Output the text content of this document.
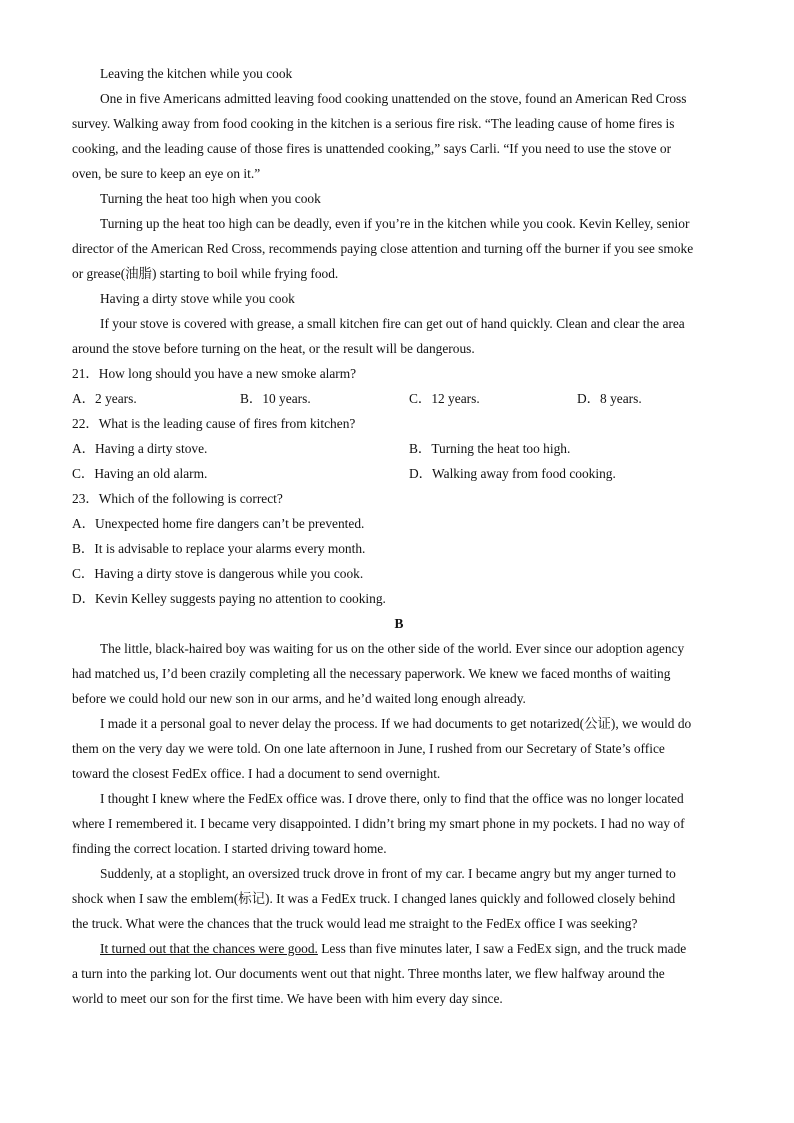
Leaving the kitchen while you cook
One in five Americans admitted leaving food cooking unattended on the stove, found an American Red Cross
survey. Walking away from food cooking in the kitchen is a serious fire risk. “The leading cause of home fires is
cooking, and the leading cause of those fires is unattended cooking,” says Carli. “If you need to use the stove or
oven, be sure to keep an eye on it.”
Turning the heat too high when you cook
Turning up the heat too high can be deadly, even if you’re in the kitchen while you cook. Kevin Kelley, senior
director of the American Red Cross, recommends paying close attention and turning off the burner if you see smoke
or grease(油脂) starting to boil while frying food.
Having a dirty stove while you cook
If your stove is covered with grease, a small kitchen fire can get out of hand quickly. Clean and clear the area
around the stove before turning on the heat, or the result will be dangerous.
21．How long should you have a new smoke alarm?
A．2 years.	B．10 years.	C．12 years.	D．8 years.
22．What is the leading cause of fires from kitchen?
A．Having a dirty stove.	B．Turning the heat too high.
C．Having an old alarm.	D．Walking away from food cooking.
23．Which of the following is correct?
A．Unexpected home fire dangers can’t be prevented.
B．It is advisable to replace your alarms every month.
C．Having a dirty stove is dangerous while you cook.
D．Kevin Kelley suggests paying no attention to cooking.
B
The little, black-haired boy was waiting for us on the other side of the world. Ever since our adoption agency
had matched us, I’d been crazily completing all the necessary paperwork. We knew we faced months of waiting
before we could hold our new son in our arms, and he’d waited long enough already.
I made it a personal goal to never delay the process. If we had documents to get notarized(公证), we would do
them on the very day we were told. On one late afternoon in June, I rushed from our Secretary of State’s office
toward the closest FedEx office. I had a document to send overnight.
I thought I knew where the FedEx office was. I drove there, only to find that the office was no longer located
where I remembered it. I became very disappointed. I didn’t bring my smart phone in my pockets. I had no way of
finding the correct location. I started driving toward home.
Suddenly, at a stoplight, an oversized truck drove in front of my car. I became angry but my anger turned to
shock when I saw the emblem(标记). It was a FedEx truck. I changed lanes quickly and followed closely behind
the truck. What were the chances that the truck would lead me straight to the FedEx office I was seeking?
It turned out that the chances were good. Less than five minutes later, I saw a FedEx sign, and the truck made
a turn into the parking lot. Our documents went out that night. Three months later, we flew halfway around the
world to meet our son for the first time. We have been with him every day since.
